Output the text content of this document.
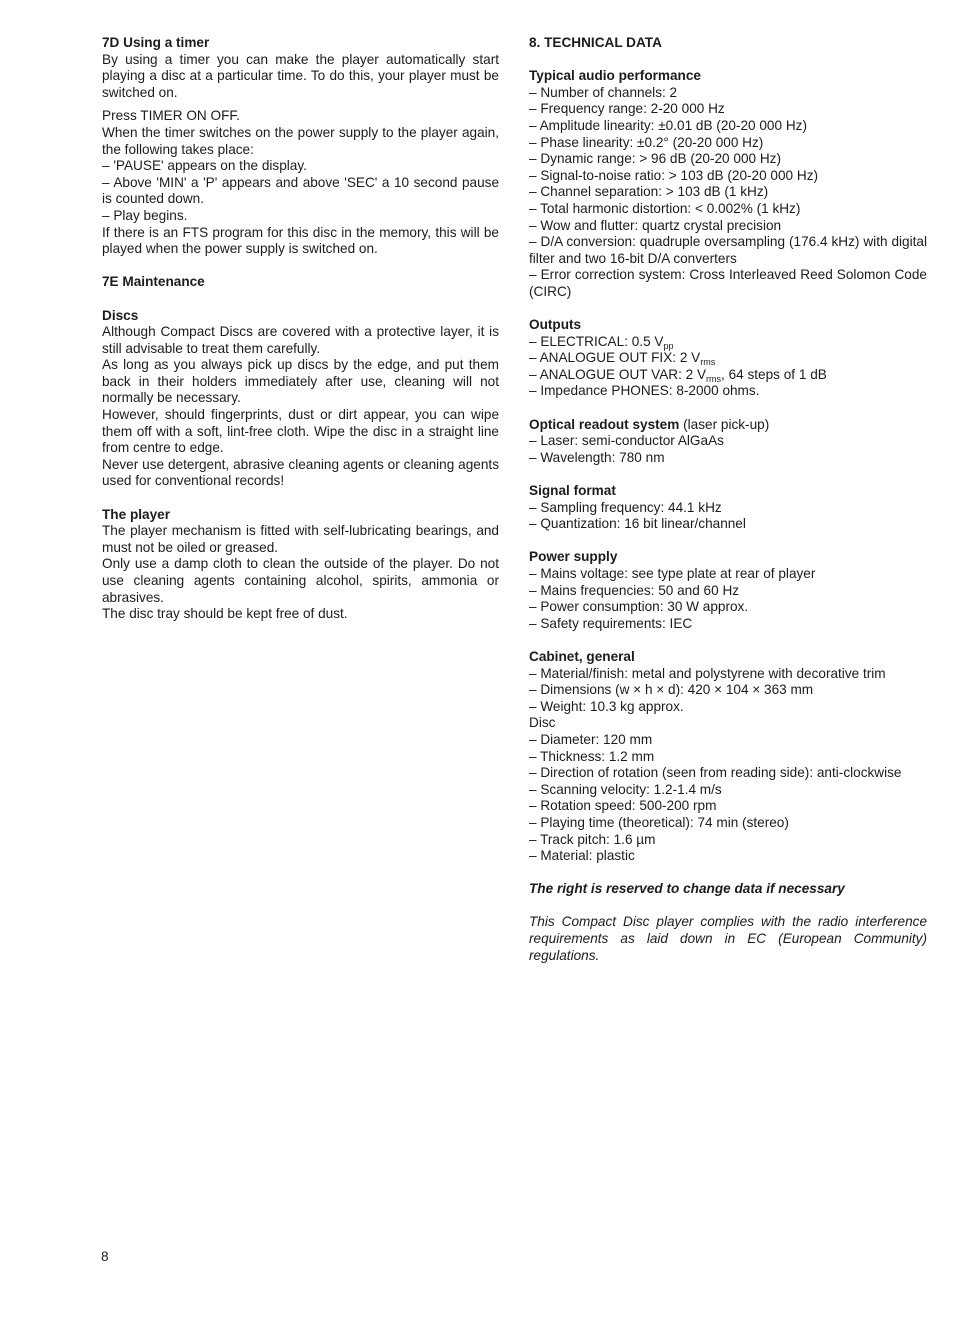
7D Using a timer

By using a timer you can make the player automatically start playing a disc at a particular time. To do this, your player must be switched on.

Press TIMER ON OFF.

When the timer switches on the power supply to the player again, the following takes place:

– 'PAUSE' appears on the display.
– Above 'MIN' a 'P' appears and above 'SEC' a 10 second pause is counted down.
– Play begins.

If there is an FTS program for this disc in the memory, this will be played when the power supply is switched on.

7E Maintenance

Discs

Although Compact Discs are covered with a protective layer, it is still advisable to treat them carefully.

As long as you always pick up discs by the edge, and put them back in their holders immediately after use, cleaning will not normally be necessary.

However, should fingerprints, dust or dirt appear, you can wipe them off with a soft, lint-free cloth. Wipe the disc in a straight line from centre to edge.

Never use detergent, abrasive cleaning agents or cleaning agents used for conventional records!

The player

The player mechanism is fitted with self-lubricating bearings, and must not be oiled or greased.

Only use a damp cloth to clean the outside of the player. Do not use cleaning agents containing alcohol, spirits, ammonia or abrasives.

The disc tray should be kept free of dust.

8. TECHNICAL DATA

Typical audio performance

– Number of channels: 2
– Frequency range: 2-20 000 Hz
– Amplitude linearity: ±0.01 dB (20-20 000 Hz)
– Phase linearity: ±0.2° (20-20 000 Hz)
– Dynamic range: > 96 dB (20-20 000 Hz)
– Signal-to-noise ratio: > 103 dB (20-20 000 Hz)
– Channel separation: > 103 dB (1 kHz)
– Total harmonic distortion: < 0.002% (1 kHz)
– Wow and flutter: quartz crystal precision
– D/A conversion: quadruple oversampling (176.4 kHz) with digital filter and two 16-bit D/A converters
– Error correction system: Cross Interleaved Reed Solomon Code (CIRC)

Outputs

– ELECTRICAL: 0.5 $V_{pp}$
– ANALOGUE OUT FIX: 2 $V_{rms}$
– ANALOGUE OUT VAR: 2 $V_{rms}$, 64 steps of 1 dB
– Impedance PHONES: 8-2000 ohms.

Optical readout system (laser pick-up)

– Laser: semi-conductor AlGaAs
– Wavelength: 780 nm

Signal format

– Sampling frequency: 44.1 kHz
– Quantization: 16 bit linear/channel

Power supply

– Mains voltage: see type plate at rear of player
– Mains frequencies: 50 and 60 Hz
– Power consumption: 30 W approx.
– Safety requirements: IEC

Cabinet, general

– Material/finish: metal and polystyrene with decorative trim
– Dimensions (w × h × d): 420 × 104 × 363 mm
– Weight: 10.3 kg approx.

Disc

– Diameter: 120 mm
– Thickness: 1.2 mm
– Direction of rotation (seen from reading side): anti-clockwise
– Scanning velocity: 1.2-1.4 m/s
– Rotation speed: 500-200 rpm
– Playing time (theoretical): 74 min (stereo)
– Track pitch: 1.6 µm
– Material: plastic

The right is reserved to change data if necessary

This Compact Disc player complies with the radio interference requirements as laid down in EC (European Community) regulations.

8
